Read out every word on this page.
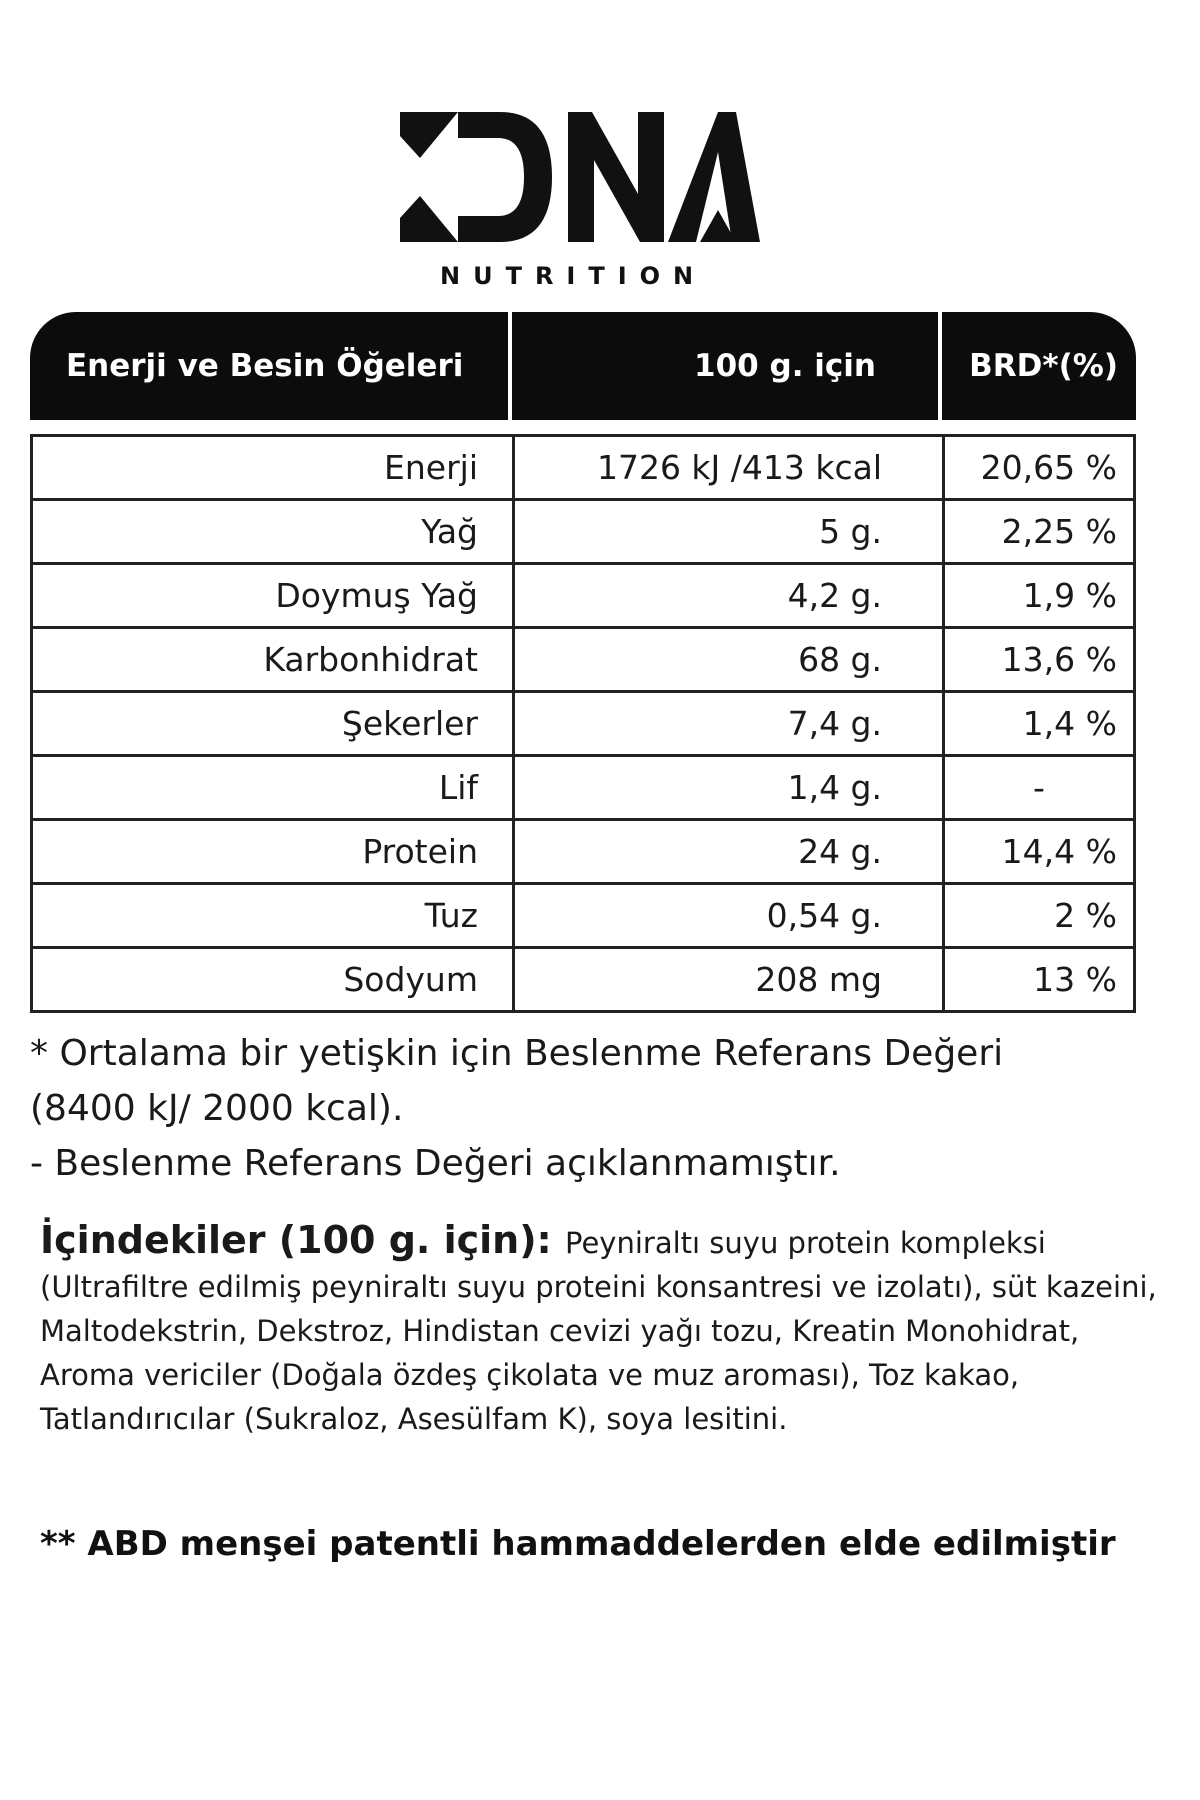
NUTRITION
Enerji ve Besin Öğeleri	100 g. için	BRD*(%)
Enerji	1726 kJ /413 kcal	20,65 %
Yağ	5 g.	2,25 %
Doymuş Yağ	4,2 g.	1,9 %
Karbonhidrat	68 g.	13,6 %
Şekerler	7,4 g.	1,4 %
Lif	1,4 g.	-
Protein	24 g.	14,4 %
Tuz	0,54 g.	2 %
Sodyum	208 mg	13 %
* Ortalama bir yetişkin için Beslenme Referans Değeri
(8400 kJ/ 2000 kcal).
- Beslenme Referans Değeri açıklanmamıştır.
İçindekiler (100 g. için): Peyniraltı suyu protein kompleksi (Ultrafiltre edilmiş peyniraltı suyu proteini konsantresi ve izolatı), süt kazeini, Maltodekstrin, Dekstroz, Hindistan cevizi yağı tozu, Kreatin Monohidrat, Aroma vericiler (Doğala özdeş çikolata ve muz aroması), Toz kakao, Tatlandırıcılar (Sukraloz, Asesülfam K), soya lesitini.
** ABD menşei patentli hammaddelerden elde edilmiştir
